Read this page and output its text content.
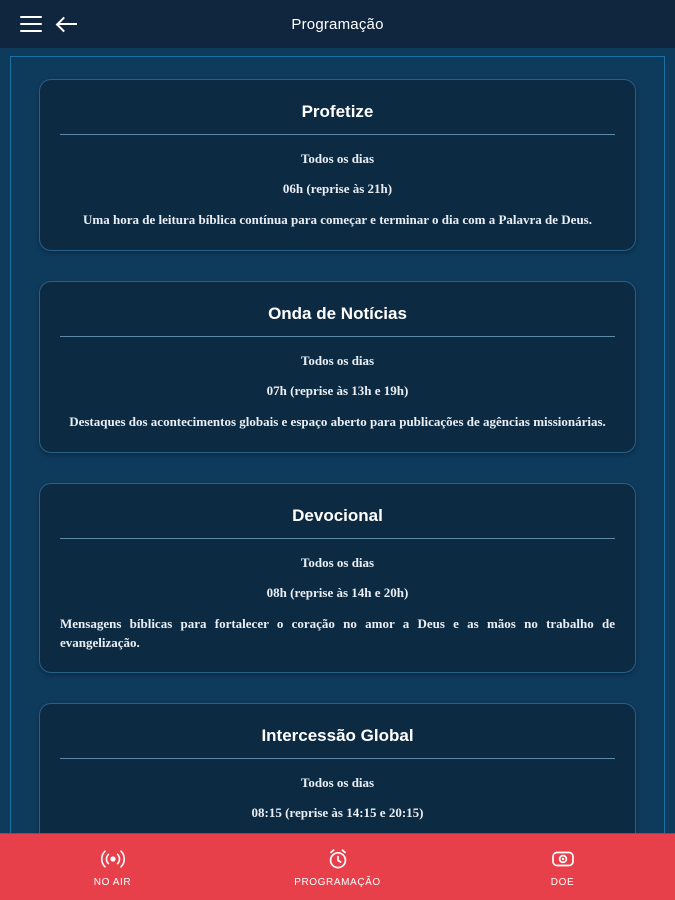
Programação
Profetize
Todos os dias
06h (reprise às 21h)
Uma hora de leitura bíblica contínua para começar e terminar o dia com a Palavra de Deus.
Onda de Notícias
Todos os dias
07h (reprise às 13h e 19h)
Destaques dos acontecimentos globais e espaço aberto para publicações de agências missionárias.
Devocional
Todos os dias
08h (reprise às 14h e 20h)
Mensagens bíblicas para fortalecer o coração no amor a Deus e as mãos no trabalho de evangelização.
Intercessão Global
Todos os dias
08:15 (reprise às 14:15 e 20:15)
NO AIR	PROGRAMAÇÃO	DOE
